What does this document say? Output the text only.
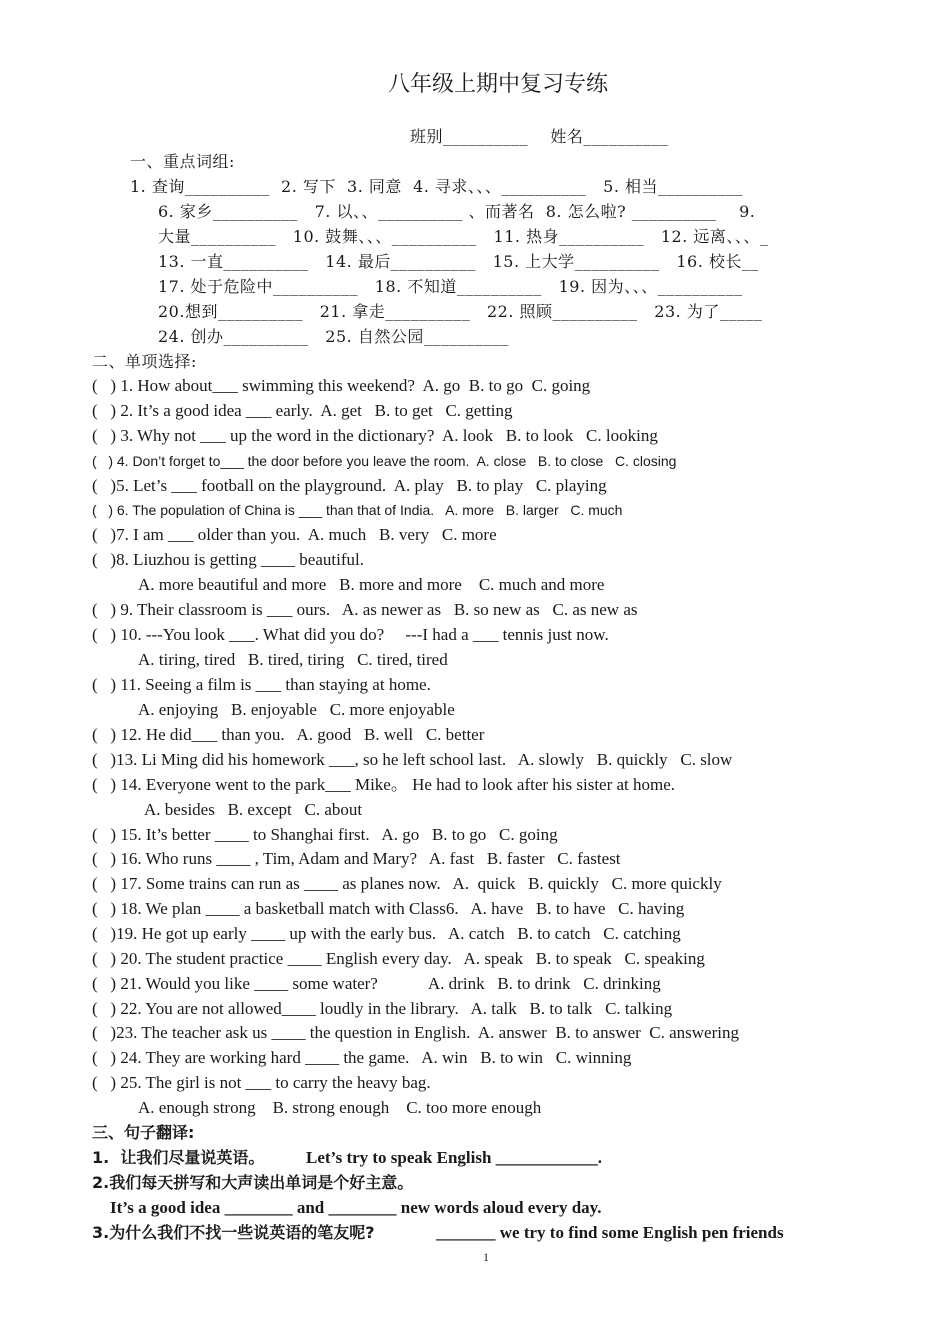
八年级上期中复习专练
班别__________    姓名__________
一、重点词组:
1. 查询__________  2. 写下  3. 同意  4. 寻求、、、__________   5. 相当__________
6. 家乡__________   7. 以、、__________ 、而著名  8. 怎么啦? __________    9.
大量__________   10. 鼓舞、、、__________   11. 热身__________   12. 远离、、、_
13. 一直__________   14. 最后__________   15. 上大学__________   16. 校长__
17. 处于危险中__________   18. 不知道__________   19. 因为、、、__________
20.想到__________   21. 拿走__________   22. 照顾__________   23. 为了_____
24. 创办__________   25. 自然公园__________
二、单项选择:
(   ) 1. How about___ swimming this weekend?  A. go  B. to go  C. going
(   ) 2. It’s a good idea ___ early.  A. get   B. to get   C. getting
(   ) 3. Why not ___ up the word in the dictionary?  A. look   B. to look   C. looking
(   ) 4. Don’t forget to___ the door before you leave the room.  A. close   B. to close   C. closing
(   )5. Let’s ___ football on the playground.  A. play   B. to play   C. playing
(   ) 6. The population of China is ___ than that of India.   A. more   B. larger   C. much
(   )7. I am ___ older than you.  A. much   B. very   C. more
(   )8. Liuzhou is getting ____ beautiful.
A. more beautiful and more   B. more and more    C. much and more
(   ) 9. Their classroom is ___ ours.   A. as newer as   B. so new as   C. as new as
(   ) 10. ---You look ___. What did you do?     ---I had a ___ tennis just now.
A. tiring, tired   B. tired, tiring   C. tired, tired
(   ) 11. Seeing a film is ___ than staying at home.
A. enjoying   B. enjoyable   C. more enjoyable
(   ) 12. He did___ than you.   A. good   B. well   C. better
(   )13. Li Ming did his homework ___, so he left school last.   A. slowly   B. quickly   C. slow
(   ) 14. Everyone went to the park___ Mike。 He had to look after his sister at home.
A. besides   B. except   C. about
(   ) 15. It’s better ____ to Shanghai first.   A. go   B. to go   C. going
(   ) 16. Who runs ____ , Tim, Adam and Mary?   A. fast   B. faster   C. fastest
(   ) 17. Some trains can run as ____ as planes now.   A.  quick   B. quickly   C. more quickly
(   ) 18. We plan ____ a basketball match with Class6.   A. have   B. to have   C. having
(   )19. He got up early ____ up with the early bus.   A. catch   B. to catch   C. catching
(   ) 20. The student practice ____ English every day.   A. speak   B. to speak   C. speaking
(   ) 21. Would you like ____ some water?            A. drink   B. to drink   C. drinking
(   ) 22. You are not allowed____ loudly in the library.   A. talk   B. to talk   C. talking
(   )23. The teacher ask us ____ the question in English.  A. answer  B. to answer  C. answering
(   ) 24. They are working hard ____ the game.   A. win   B. to win   C. winning
(   ) 25. The girl is not ___ to carry the heavy bag.
A. enough strong    B. strong enough    C. too more enough
三、句子翻译:
1.  让我们尽量说英语。 Let’s try to speak English ____________.
2.我们每天拼写和大声读出单词是个好主意。
It’s a good idea ________ and ________ new words aloud every day.
3.为什么我们不找一些说英语的笔友呢?	_______ we try to find some English pen friends
1
